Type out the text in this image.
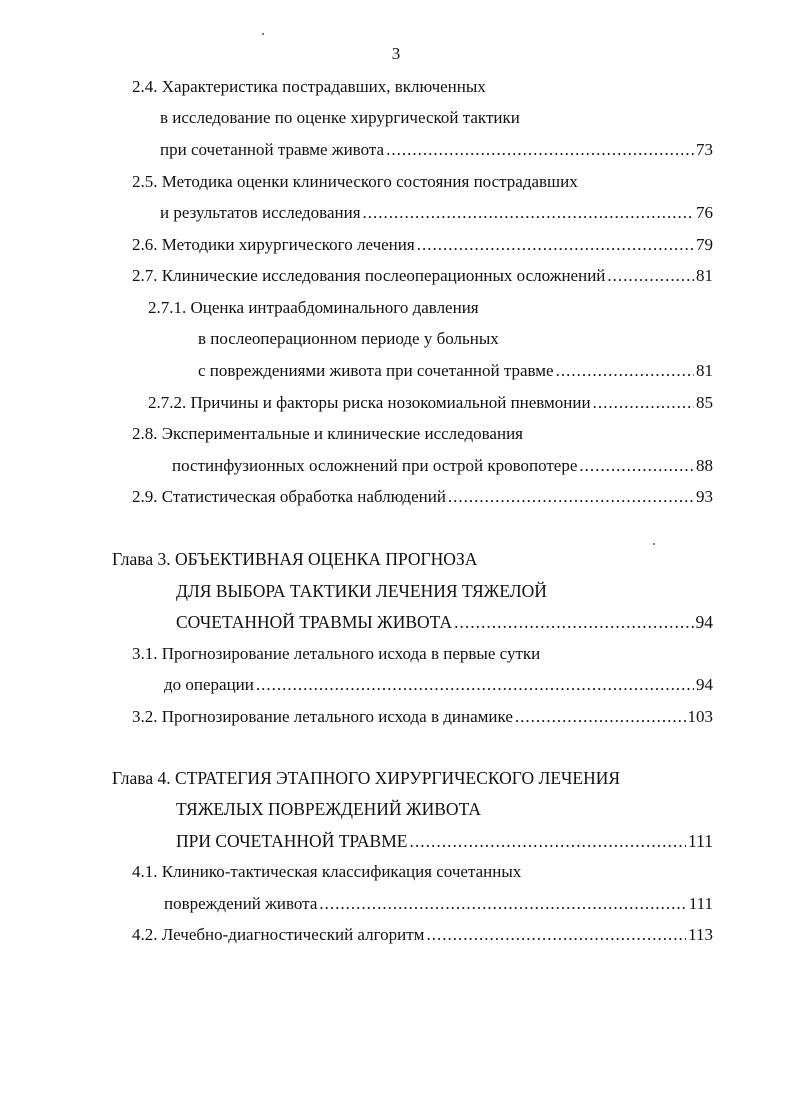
3
2.4. Характеристика пострадавших, включенных
в исследование по оценке хирургической тактики
при сочетанной травме живота .....	73
2.5. Методика оценки клинического состояния пострадавших
и результатов исследования .....	76
2.6. Методики хирургического лечения .....	79
2.7. Клинические исследования послеоперационных осложнений .....	81
2.7.1. Оценка интраабдоминального давления
в послеоперационном периоде у больных
с повреждениями живота при сочетанной травме .....	81
2.7.2. Причины и факторы риска нозокомиальной пневмонии .....	85
2.8. Экспериментальные и клинические исследования
постинфузионных осложнений при острой кровопотере .....	88
2.9. Статистическая обработка наблюдений .....	93
Глава 3. ОБЪЕКТИВНАЯ ОЦЕНКА ПРОГНОЗА
ДЛЯ ВЫБОРА ТАКТИКИ ЛЕЧЕНИЯ ТЯЖЕЛОЙ
СОЧЕТАННОЙ ТРАВМЫ ЖИВОТА .....	94
3.1. Прогнозирование летального исхода в первые сутки
до операции .....	94
3.2. Прогнозирование летального исхода в динамике .....	103
Глава 4. СТРАТЕГИЯ ЭТАПНОГО ХИРУРГИЧЕСКОГО ЛЕЧЕНИЯ
ТЯЖЕЛЫХ ПОВРЕЖДЕНИЙ ЖИВОТА
ПРИ СОЧЕТАННОЙ ТРАВМЕ .....	111
4.1. Клинико-тактическая классификация сочетанных
повреждений живота .....	111
4.2. Лечебно-диагностический алгоритм .....	113
